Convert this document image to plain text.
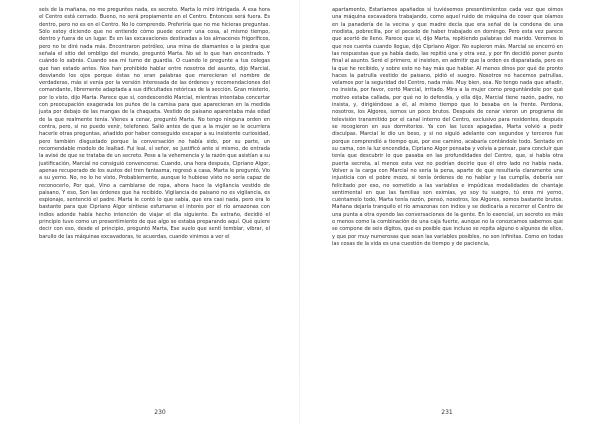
seis de la mañana, no me preguntes nada, es secreto. Marta lo miró intrigada. A esa hora el Centro está cerrado. Bueno, no será propiamente en el Centro. Entonces será fuera. Es dentro, pero no es en el Centro. No lo comprendo. Preferiría que no me hicieras preguntas. Sólo estoy diciendo que no entiendo cómo puede ocurrir una cosa, al mismo tiempo, dentro y fuera de un lugar. Es en las excavaciones destinadas a los almacenes frigoríficos, pero no te diré nada más. Encontraron petróleo, una mina de diamantes o la piedra que señala el sitio del ombligo del mundo, preguntó Marta. No sé lo que han encontrado. Y cuándo lo sabrás. Cuando sea mi turno de guardia. O cuando le pregunte a tus colegas que han estado antes. Nos han prohibido hablar entre nosotros del asunto, dijo Marcial, desviando los ojos porque éstas no eran palabras que merecieran el nombre de verdaderas, más si venía por la versión interesada de las órdenes y recomendaciones del comandante, libremente adaptada a sus dificultades retóricas de la sección. Gran misterio, por lo visto, dijo Marta. Parece que sí, condescendió Marcial, mientras intentaba concertar con preocupación exagerada los puños de la camisa para que aparecieran en la medida justa por debajo de las mangas de la chaqueta. Vestido de paisano aparentaba más edad de la que realmente tenía. Vienes a cenar, preguntó Marta. No tengo ninguna orden en contra, pero, si no puedo venir, telefoneo. Salió antes de que a la mujer se le ocurriera hacerle otras preguntas, añadido por haber conseguido escapar a su insistente curiosidad, pero también disgustado porque la conversación no había sido, por su parte, un recomendable modelo de lealtad. Fui leal, sí señor, se justificó ante sí mismo, de entrada la avisé de que se trataba de un secreto. Pese a la vehemencia y la razón que asistían a su justificación, Marcial no consiguió convencerse. Cuando, una hora después, Cipriano Algor, apenas recuperado de los sustos del tren fantasma, regresó a casa, Marta le preguntó, Vio a su yerno. No, no lo he visto, Probablemente, aunque lo hubiese visto no sería capaz de reconocerlo, Por qué, Vino a cambiarse de ropa, ahora hace la vigilancia vestido de paisano, Y eso, Son las órdenes que ha recibido. Vigilancia de paisano no es vigilancia, es espionaje, sentenció el padre. Marta le contó lo que sabía, que era casi nada, pero era lo bastante para que Cipriano Algor sintiese esfumarse el interés por el río amazonas con indios adonde había hecho intención de viajar el día siguiente. Es extraño, decidió el principio tuve como un presentimiento de que algo se estaba preparando aquí. Qué quiere decir con eso, desde el principio, preguntó Marta, Ese suelo que sentí temblar, vibrar, el barullo de las máquinas excavadoras, te acuerdas, cuando vinimos a ver el
230
apartamento, Estaríamos apañados si tuviésemos presentimientos cada vez que oímos una máquina excavadora trabajando, como aquel ruido de máquina de coser que oíamos en la panadería de la vecina y que madre decía que era señal de la condena de una modista, pobrecilla, por el pecado de haber trabajado en domingo. Pero esta vez parece que acertó de lleno. Parece que sí, dijo Marta, repitiendo palabras del marido. Veremos lo que nos cuenta cuando llegue, dijo Cipriano Algor. No supieron más. Marcial se encerró en las respuestas que ya había dado, las repitió una y otra vez, y por fin decidió poner punto final al asunto. Seré el primero, si insisten, en admitir que la orden es disparatada, pero es la que he recibido, y sobre esto no hay más que hablar. Al menos dinos por qué de pronto haces la patrulla vestido de paisano, pidió el suegro. Nosotros no hacemos patrullas, velamos por la seguridad del Centro, nada más. Muy bien, sea. No tengo nada que añadir, no insista, por favor, cortó Marcial, irritado. Mira a la mujer como preguntándole por qué motivo estaba callada, por qué no lo defendía, y ella dijo, Marcial tiene razón, padre, no insista, y, dirigiéndose a él, al mismo tiempo que lo besaba en la frente. Perdona, nosotros, los Algores, somos un poco brutos. Después de cenar vieron un programa de televisión transmitido por el canal interno del Centro, exclusivo para residentes, después se recogieron en sus dormitorios. Ya con las luces apagadas, Marta volvió a pedir disculpas. Marcial le dio un beso, y si no siguió adelante con segundos y terceros fue porque comprendió a tiempo que, por ese camino, acabaría contándole todo. Sentado en su cama, con la luz encendida, Cipriano Algor pensaba y volvía a pensar, para concluir que tenía que descubrir lo que pasaba en las profundidades del Centro, que, si había otra puerta secreta, al menos esta vez no podrían decirle que él otro lado no había nada. Volver a la carga con Marcial no sería la pena, aparte de que resultaría claramente una injusticia con el pobre mozo, si tenía órdenes de no hablar y las cumplía, debería ser felicitado por eso, no sometido a las variables e impúdicas modalidades de chantaje sentimental en que las familias son eximias, yo soy tu suegro, tú eres mi yerno, cuéntamelo todo, Marta tenía razón, pensó, nosotros, los Algores, somos bastante brutos. Mañana dejaría tranquilo el río amazonas con indios y se dedicaría a recorrer el Centro de una punta a otra oyendo las conversaciones de la gente. En lo esencial, un secreto es más o menos como la combinación de una caja fuerte, aunque no la conozcamos sabemos que se compone de seis dígitos, que es posible que incluso se repita alguno o algunos de ellos, y que por muy numerosas que sean las variables posibles, no son infinitas. Como en todas las cosas de la vida es una cuestión de tiempo y de paciencia,
231
